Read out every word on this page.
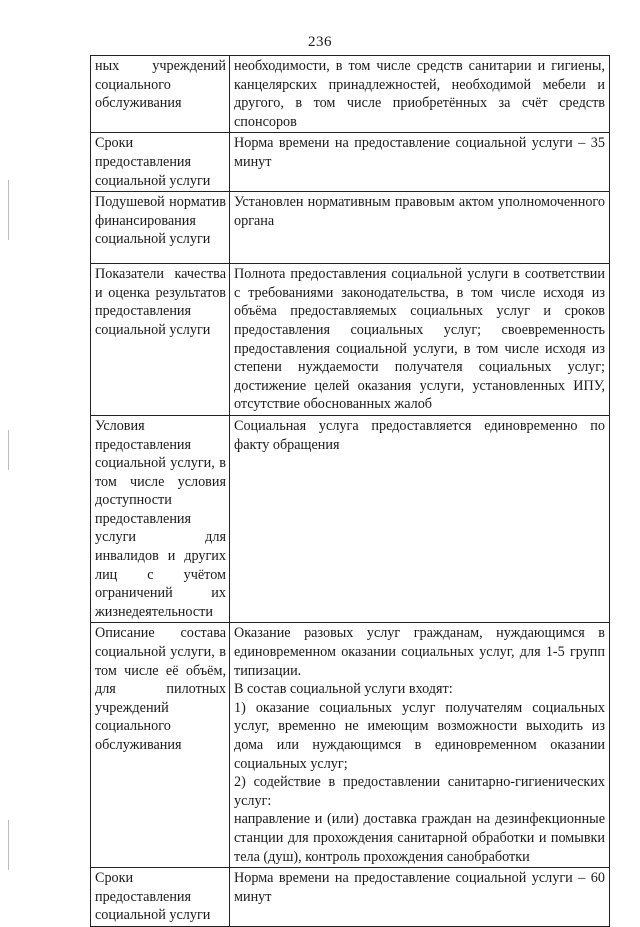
236
ных учреждений социального обслуживания	необходимости, в том числе средств санитарии и гигиены, канцелярских принадлежностей, необходимой мебели и другого, в том числе приобретённых за счёт средств спонсоров
Сроки предоставления социальной услуги	Норма времени на предоставление социальной услуги – 35 минут
Подушевой норматив финансирования социальной услуги	Установлен нормативным правовым актом уполномоченного органа
Показатели качества и оценка результатов предоставления социальной услуги	Полнота предоставления социальной услуги в соответствии с требованиями законодательства, в том числе исходя из объёма предоставляемых социальных услуг и сроков предоставления социальных услуг; своевременность предоставления социальной услуги, в том числе исходя из степени нуждаемости получателя социальных услуг; достижение целей оказания услуги, установленных ИПУ, отсутствие обоснованных жалоб
Условия предоставления социальной услуги, в том числе условия доступности предоставления услуги для инвалидов и других лиц с учётом ограничений их жизнедеятельности	Социальная услуга предоставляется единовременно по факту обращения
Описание состава социальной услуги, в том числе её объём, для пилотных учреждений социального обслуживания	Оказание разовых услуг гражданам, нуждающимся в единовременном оказании социальных услуг, для 1-5 групп типизации.
В состав социальной услуги входят:
1) оказание социальных услуг получателям социальных услуг, временно не имеющим возможности выходить из дома или нуждающимся в единовременном оказании социальных услуг;
2) содействие в предоставлении санитарно-гигиенических услуг:
направление и (или) доставка граждан на дезинфекционные станции для прохождения санитарной обработки и помывки тела (душ), контроль прохождения санобработки

Сроки предоставления социальной услуги	Норма времени на предоставление социальной услуги – 60 минут
